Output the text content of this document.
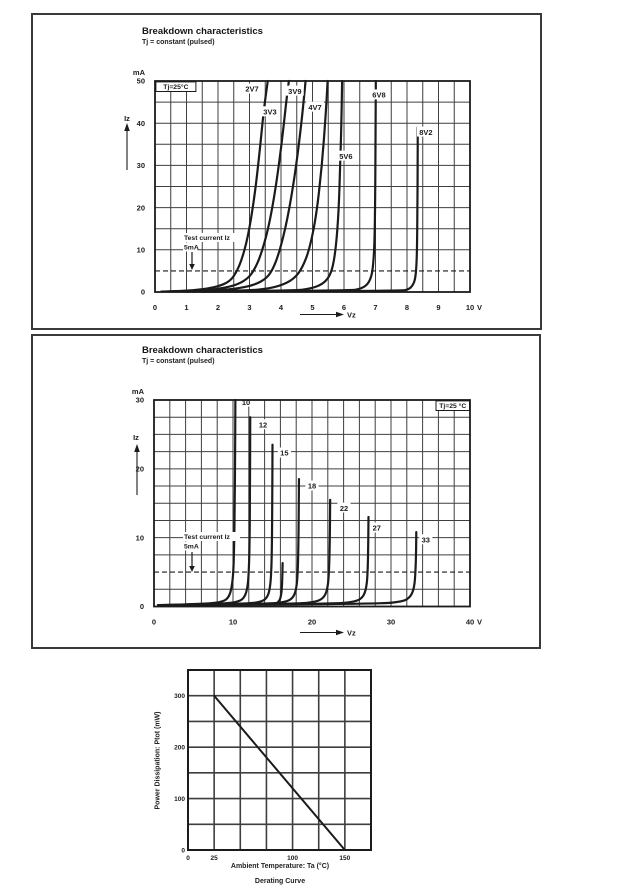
Breakdown characteristics
Tj = constant (pulsed)
Breakdown characteristics
Tj = constant (pulsed)
2V7
3V3
3V9
4V7
5V6
6V8
8V2
Test current Iz
5mA
Tj=25°C
0	1	2	3	4	5	6	7	8	9	10 V
0
10
20
30
40
50
mA
Vz
Iz
10
12
15
18
22
27
33
Test current Iz
5mA
Tj=25 °C
0	10	20	30	40 V
0
10
20
30
mA
Vz
Iz
0	25	100	150
0
100
200
300
Power Dissipation: Ptot (mW)
Ambient Temperature: Ta (°C)
Derating Curve
